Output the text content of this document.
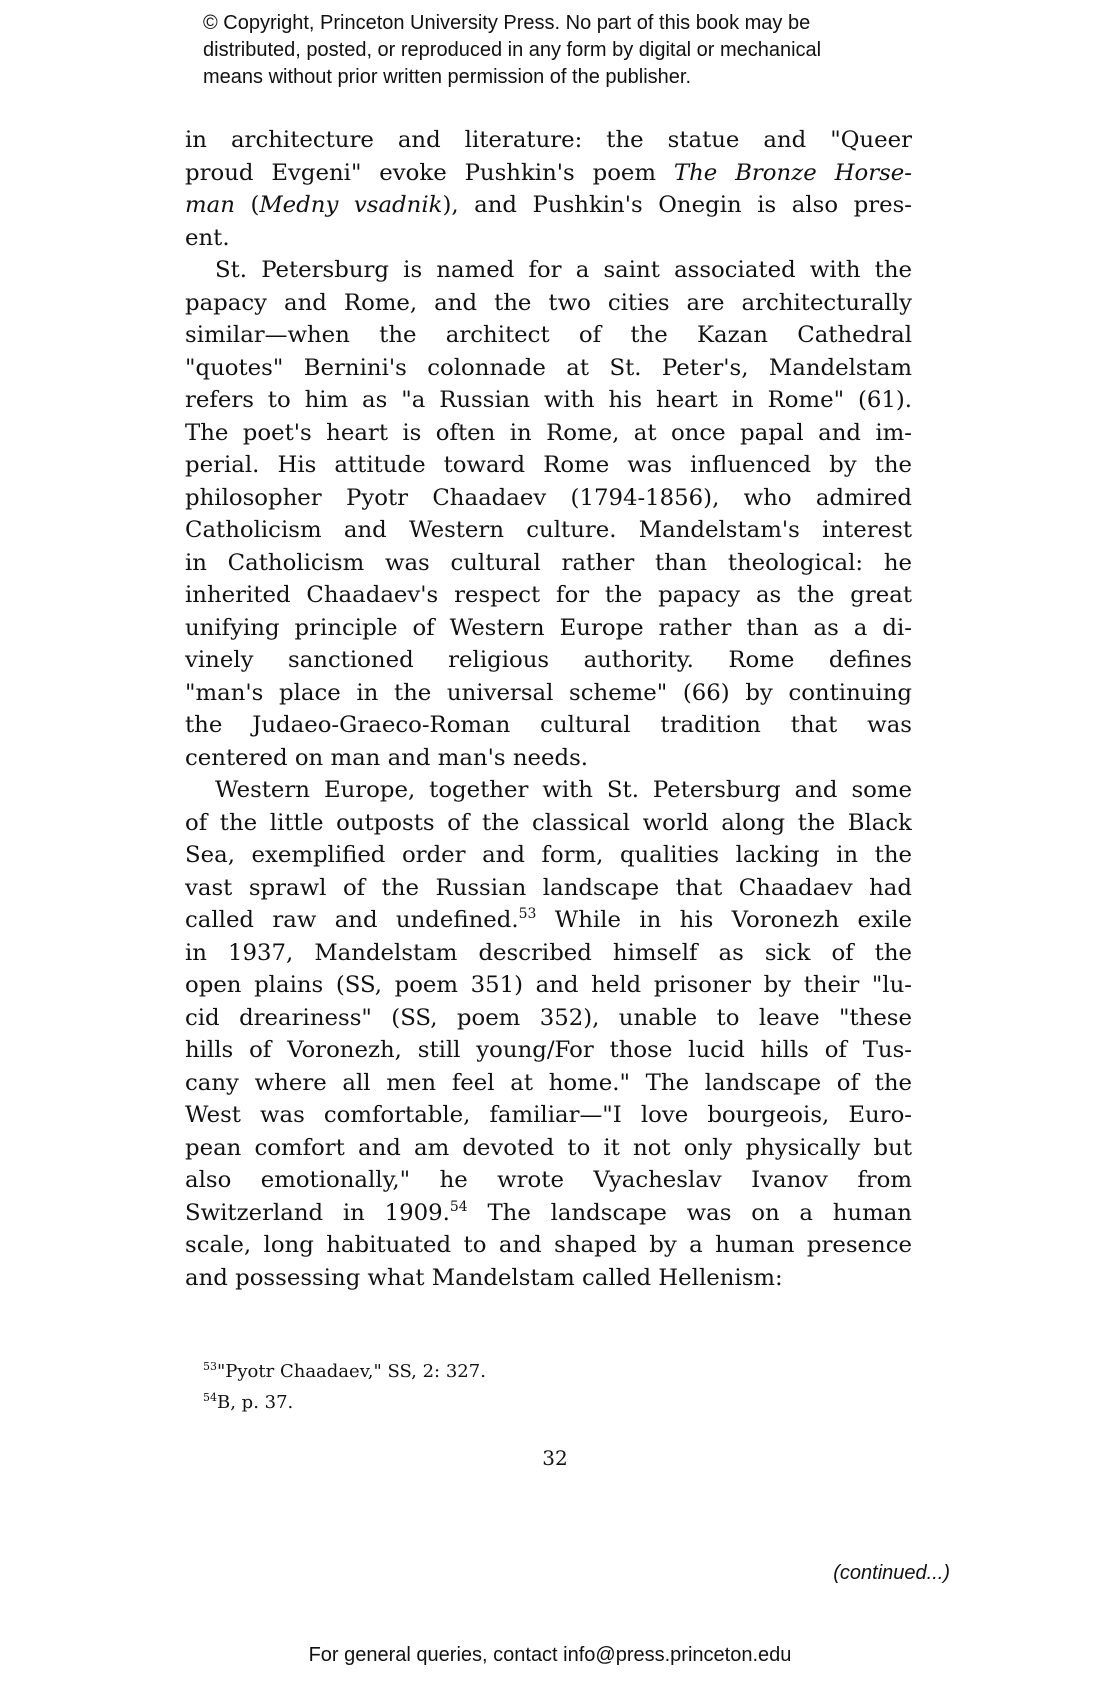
© Copyright, Princeton University Press. No part of this book may be
distributed, posted, or reproduced in any form by digital or mechanical
means without prior written permission of the publisher.
in architecture and literature: the statue and "Queer
proud Evgeni" evoke Pushkin's poem The Bronze Horse-
man (Medny vsadnik), and Pushkin's Onegin is also pres-
ent.
St. Petersburg is named for a saint associated with the
papacy and Rome, and the two cities are architecturally
similar—when the architect of the Kazan Cathedral
"quotes" Bernini's colonnade at St. Peter's, Mandelstam
refers to him as "a Russian with his heart in Rome" (61).
The poet's heart is often in Rome, at once papal and im-
perial. His attitude toward Rome was influenced by the
philosopher Pyotr Chaadaev (1794-1856), who admired
Catholicism and Western culture. Mandelstam's interest
in Catholicism was cultural rather than theological: he
inherited Chaadaev's respect for the papacy as the great
unifying principle of Western Europe rather than as a di-
vinely sanctioned religious authority. Rome defines
"man's place in the universal scheme" (66) by continuing
the Judaeo-Graeco-Roman cultural tradition that was
centered on man and man's needs.
Western Europe, together with St. Petersburg and some
of the little outposts of the classical world along the Black
Sea, exemplified order and form, qualities lacking in the
vast sprawl of the Russian landscape that Chaadaev had
called raw and undefined.$^{53}$ While in his Voronezh exile
in 1937, Mandelstam described himself as sick of the
open plains (SS, poem 351) and held prisoner by their "lu-
cid dreariness" (SS, poem 352), unable to leave "these
hills of Voronezh, still young/For those lucid hills of Tus-
cany where all men feel at home." The landscape of the
West was comfortable, familiar—"I love bourgeois, Euro-
pean comfort and am devoted to it not only physically but
also emotionally," he wrote Vyacheslav Ivanov from
Switzerland in 1909.54 The landscape was on a human
scale, long habituated to and shaped by a human presence
and possessing what Mandelstam called Hellenism:
$^{53}$"Pyotr Chaadaev," SS, 2: 327.
$^{54}$B, p. 37.
32
(continued...)
For general queries, contact info@press.princeton.edu
